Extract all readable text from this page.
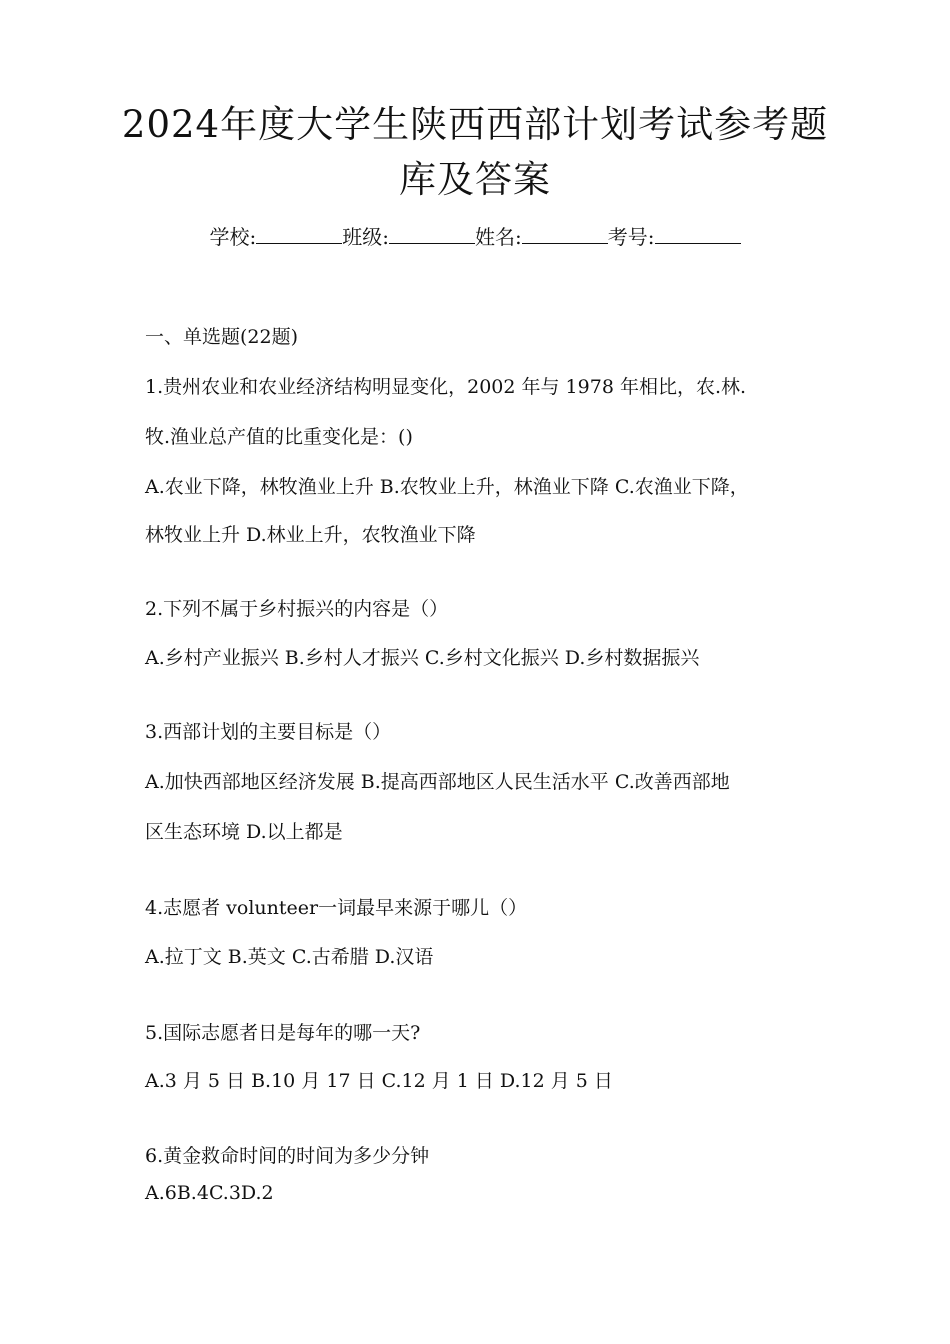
2024年度大学生陕西西部计划考试参考题
库及答案
学校:	班级:	姓名:	考号:
一、单选题(22题)
1.贵州农业和农业经济结构明显变化，2002 年与 1978 年相比，农.林.
牧.渔业总产值的比重变化是：()
A.农业下降，林牧渔业上升 B.农牧业上升，林渔业下降 C.农渔业下降，
林牧业上升 D.林业上升，农牧渔业下降
2.下列不属于乡村振兴的内容是（）
A.乡村产业振兴 B.乡村人才振兴 C.乡村文化振兴 D.乡村数据振兴
3.西部计划的主要目标是（）
A.加快西部地区经济发展 B.提高西部地区人民生活水平 C.改善西部地
区生态环境 D.以上都是
4.志愿者 volunteer一词最早来源于哪儿（）
A.拉丁文 B.英文 C.古希腊 D.汉语
5.国际志愿者日是每年的哪一天?
A.3 月 5 日 B.10 月 17 日 C.12 月 1 日 D.12 月 5 日
6.黄金救命时间的时间为多少分钟
A.6B.4C.3D.2
